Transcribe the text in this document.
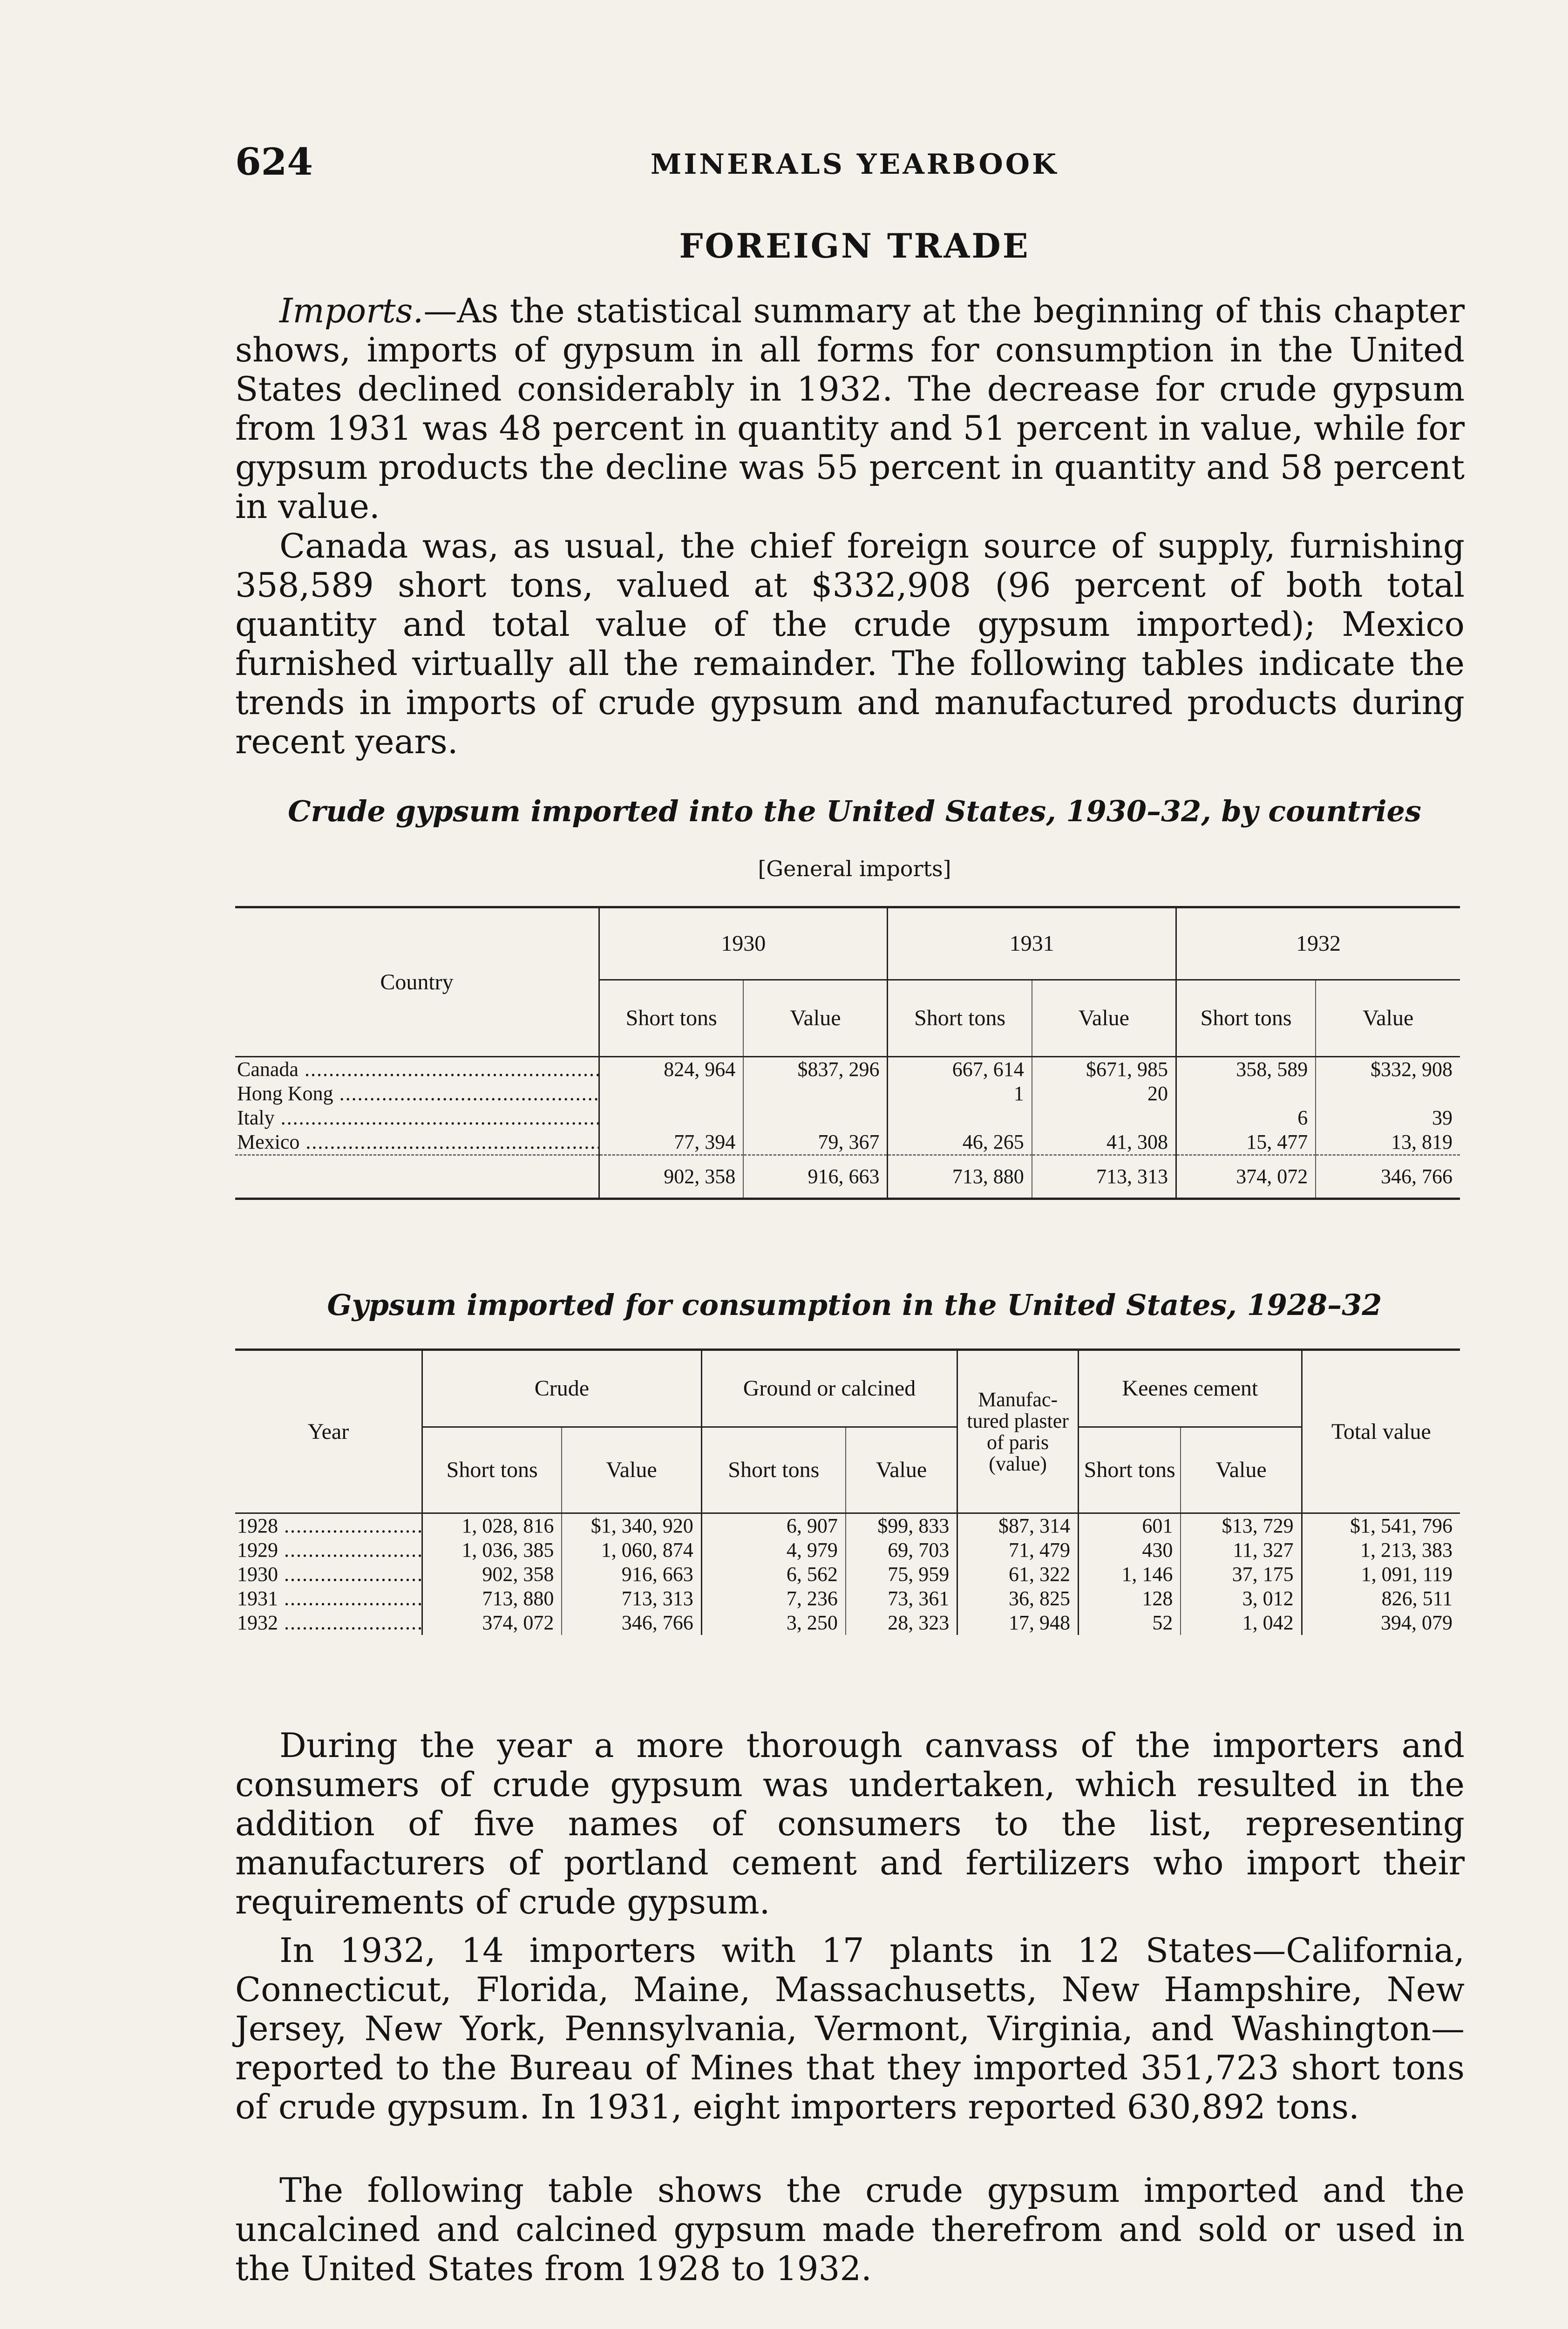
624	MINERALS YEARBOOK
FOREIGN TRADE

Imports.—As the statistical summary at the beginning of this chapter shows, imports of gypsum in all forms for consumption in the United States declined considerably in 1932. The decrease for crude gypsum from 1931 was 48 percent in quantity and 51 percent in value, while for gypsum products the decline was 55 percent in quantity and 58 percent in value.

Canada was, as usual, the chief foreign source of supply, furnishing 358,589 short tons, valued at $332,908 (96 percent of both total quantity and total value of the crude gypsum imported); Mexico furnished virtually all the remainder. The following tables indicate the trends in imports of crude gypsum and manufactured products during recent years.

Crude gypsum imported into the United States, 1930–32, by countries
[General imports]
Country	1930		1931		1932	
	Short tons	Value	Short tons	Value	Short tons	Value
Canada .....	824, 964	$837, 296	667, 614	$671, 985	358, 589	$332, 908
Hong Kong .....			1	20		
Italy .....					6	39
Mexico .....	77, 394	79, 367	46, 265	41, 308	15, 477	13, 819
	902, 358	916, 663	713, 880	713, 313	374, 072	346, 766
Gypsum imported for consumption in the United States, 1928–32
Year	Crude		Ground or calcined		Manufac-tured plaster of paris (value)	Keenes cement		Total value
	Short tons	Value	Short tons	Value		Short tons	Value	
1928 .....	1, 028, 816	$1, 340, 920	6, 907	$99, 833	$87, 314	601	$13, 729	$1, 541, 796
1929 .....	1, 036, 385	1, 060, 874	4, 979	69, 703	71, 479	430	11, 327	1, 213, 383
1930 .....	902, 358	916, 663	6, 562	75, 959	61, 322	1, 146	37, 175	1, 091, 119
1931 .....	713, 880	713, 313	7, 236	73, 361	36, 825	128	3, 012	826, 511
1932 .....	374, 072	346, 766	3, 250	28, 323	17, 948	52	1, 042	394, 079

During the year a more thorough canvass of the importers and consumers of crude gypsum was undertaken, which resulted in the addition of five names of consumers to the list, representing manufacturers of portland cement and fertilizers who import their requirements of crude gypsum.

In 1932, 14 importers with 17 plants in 12 States—California, Connecticut, Florida, Maine, Massachusetts, New Hampshire, New Jersey, New York, Pennsylvania, Vermont, Virginia, and Washington—reported to the Bureau of Mines that they imported 351,723 short tons of crude gypsum. In 1931, eight importers reported 630,892 tons.

The following table shows the crude gypsum imported and the uncalcined and calcined gypsum made therefrom and sold or used in the United States from 1928 to 1932.
